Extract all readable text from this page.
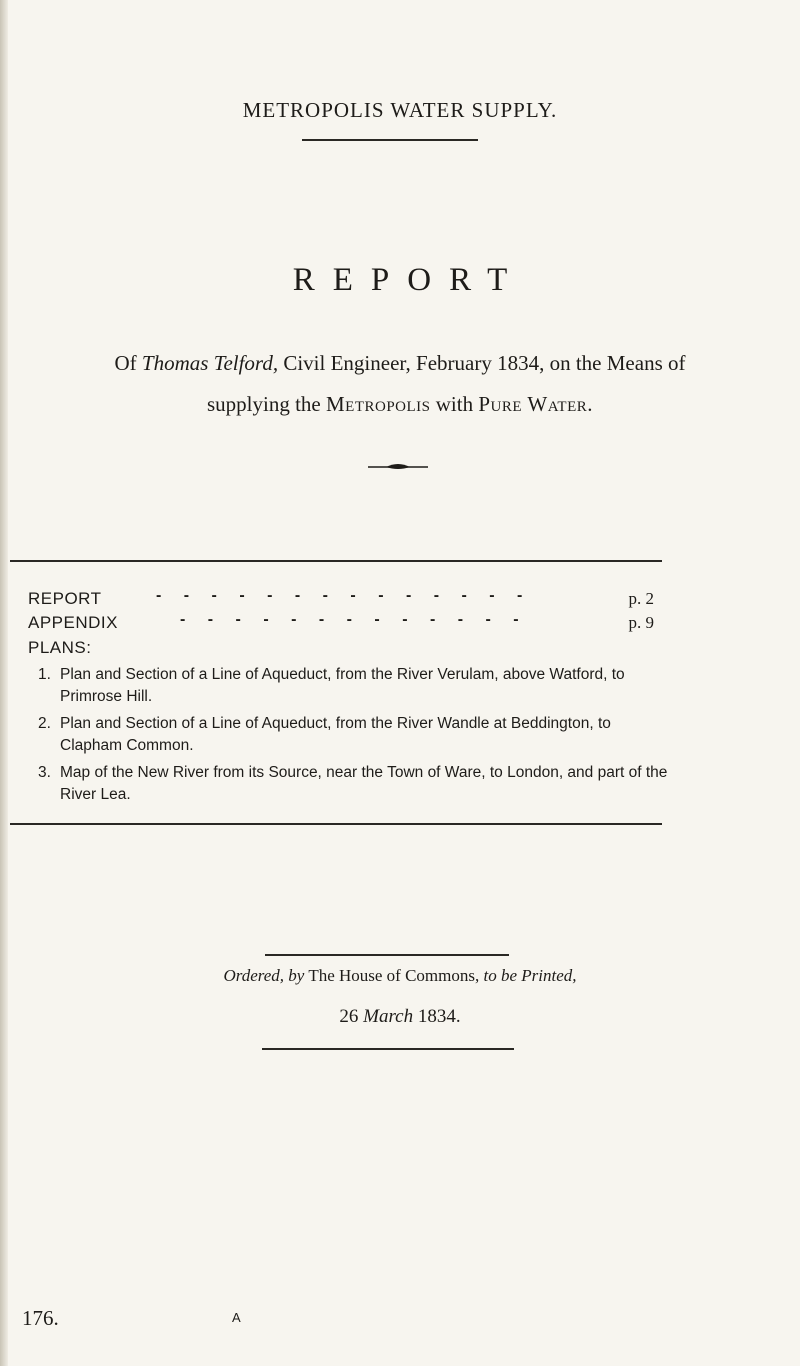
METROPOLIS WATER SUPPLY.
REPORT
Of Thomas Telford, Civil Engineer, February 1834, on the Means of
supplying the Metropolis with Pure Water.
REPORT	- - - - - - - - - - - - - -	p. 2
APPENDIX	- - - - - - - - - - - - -	p. 9
PLANS:
1. Plan and Section of a Line of Aqueduct, from the River Verulam, above Watford, to Primrose Hill.
2. Plan and Section of a Line of Aqueduct, from the River Wandle at Beddington, to Clapham Common.
3. Map of the New River from its Source, near the Town of Ware, to London, and part of the River Lea.
Ordered, by The House of Commons, to be Printed,
26 March 1834.
176.	A
